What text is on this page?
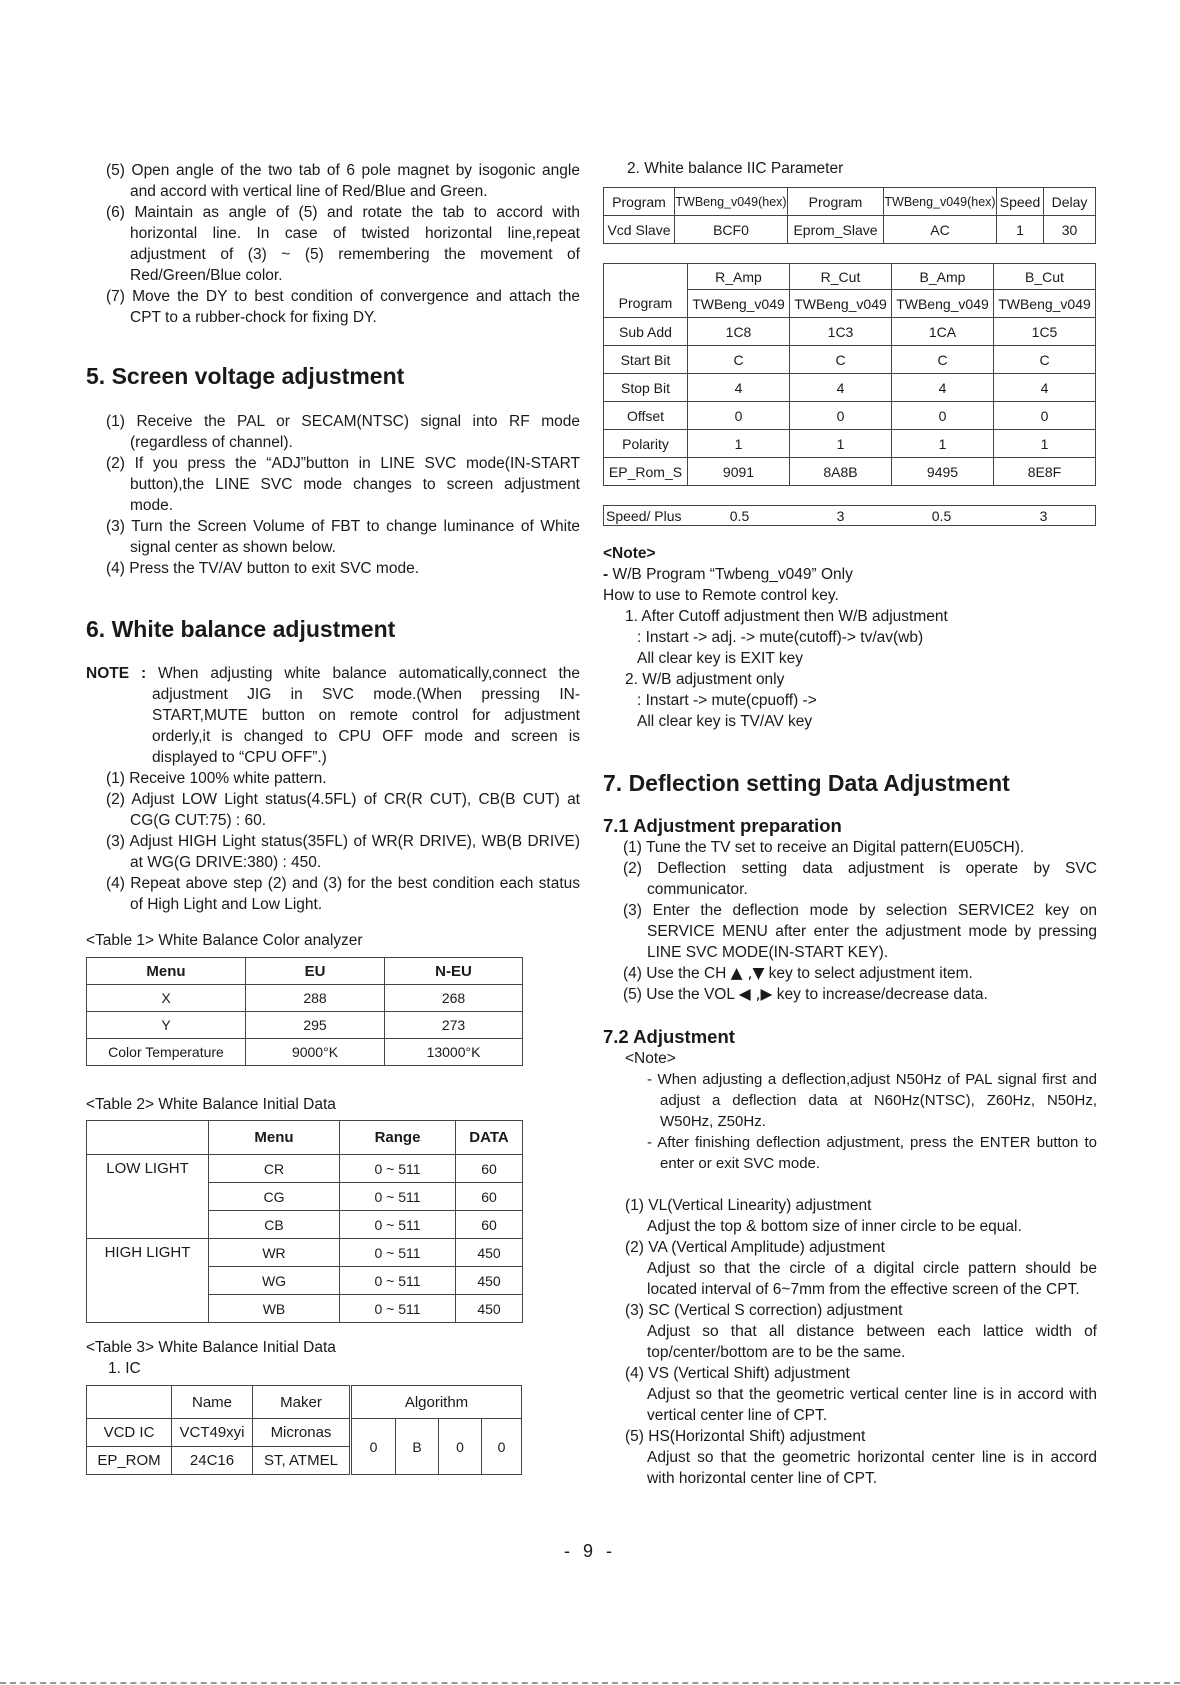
(5) Open angle of the two tab of 6 pole magnet by isogonic angle and accord with vertical line of Red/Blue and Green.

(6) Maintain as angle of (5) and rotate the tab to accord with horizontal line. In case of twisted horizontal line,repeat adjustment of (3) ~ (5) remembering the movement of Red/Green/Blue color.

(7) Move the DY to best condition of convergence and attach the CPT to a rubber-chock for fixing DY.

5. Screen voltage adjustment

(1) Receive the PAL or SECAM(NTSC) signal into RF mode (regardless of channel).

(2) If you press the “ADJ”button in LINE SVC mode(IN-START button),the LINE SVC mode changes to screen adjustment mode.

(3) Turn the Screen Volume of FBT to change luminance of White signal center as shown below.

(4) Press the TV/AV button to exit SVC mode.

6. White balance adjustment

NOTE : When adjusting white balance automatically,connect the adjustment JIG in SVC mode.(When pressing IN-START,MUTE button on remote control for adjustment orderly,it is changed to CPU OFF mode and screen is displayed to “CPU OFF”.)

(1) Receive 100% white pattern.

(2) Adjust LOW Light status(4.5FL) of CR(R CUT), CB(B CUT) at CG(G CUT:75) : 60.

(3) Adjust HIGH Light status(35FL) of WR(R DRIVE), WB(B DRIVE) at WG(G DRIVE:380) : 450.

(4) Repeat above step (2) and (3) for the best condition each status of High Light and Low Light.

<Table 1> White Balance Color analyzer

Menu	EU	N-EU
X	288	268
Y	295	273
Color Temperature	9000°K	13000°K

<Table 2> White Balance Initial Data

	Menu	Range	DATA
LOW LIGHT	CR	0 ~ 511	60
	CG	0 ~ 511	60
	CB	0 ~ 511	60
HIGH LIGHT	WR	0 ~ 511	450
	WG	0 ~ 511	450
	WB	0 ~ 511	450

<Table 3> White Balance Initial Data

1. IC

	Name	Maker	Algorithm			
VCD IC	VCT49xyi	Micronas	0	B	0	0
EP_ROM	24C16	ST, ATMEL				

2. White balance IIC Parameter

Program	TWBeng_v049(hex)	Program	TWBeng_v049(hex)	Speed	Delay
Vcd Slave	BCF0	Eprom_Slave	AC	1	30
	R_Amp	R_Cut	B_Amp	B_Cut
Program	TWBeng_v049	TWBeng_v049	TWBeng_v049	TWBeng_v049
Sub Add	1C8	1C3	1CA	1C5
Start Bit	C	C	C	C
Stop Bit	4	4	4	4
Offset	0	0	0	0
Polarity	1	1	1	1
EP_Rom_S	9091	8A8B	9495	8E8F
Speed/ Plus	0.5	3	0.5	3

<Note>

- W/B Program “Twbeng_v049” Only

How to use to Remote control key.

1. After Cutoff adjustment then W/B adjustment

: Instart -> adj. -> mute(cutoff)-> tv/av(wb)

All clear key is EXIT key

2. W/B adjustment only

: Instart -> mute(cpuoff) ->

All clear key is TV/AV key

7. Deflection setting Data Adjustment

7.1 Adjustment preparation

(1) Tune the TV set to receive an Digital pattern(EU05CH).

(2) Deflection setting data adjustment is operate by SVC communicator.

(3) Enter the deflection mode by selection SERVICE2 key on SERVICE MENU after enter the adjustment mode by pressing LINE SVC MODE(IN-START KEY).

(4) Use the CH ▲ ,▼ key to select adjustment item.

(5) Use the VOL ◀ ,▶ key to increase/decrease data.

7.2 Adjustment

<Note>

- When adjusting a deflection,adjust N50Hz of PAL signal first and adjust a deflection data at N60Hz(NTSC), Z60Hz, N50Hz, W50Hz, Z50Hz.

- After finishing deflection adjustment, press the ENTER button to enter or exit SVC mode.

(1) VL(Vertical Linearity) adjustment

Adjust the top & bottom size of inner circle to be equal.

(2) VA (Vertical Amplitude) adjustment

Adjust so that the circle of a digital circle pattern should be located interval of 6~7mm from the effective screen of the CPT.

(3) SC (Vertical S correction) adjustment

Adjust so that all distance between each lattice width of top/center/bottom are to be the same.

(4) VS (Vertical Shift) adjustment

Adjust so that the geometric vertical center line is in accord with vertical center line of CPT.

(5) HS(Horizontal Shift) adjustment

Adjust so that the geometric horizontal center line is in accord with horizontal center line of CPT.

- 9 -
